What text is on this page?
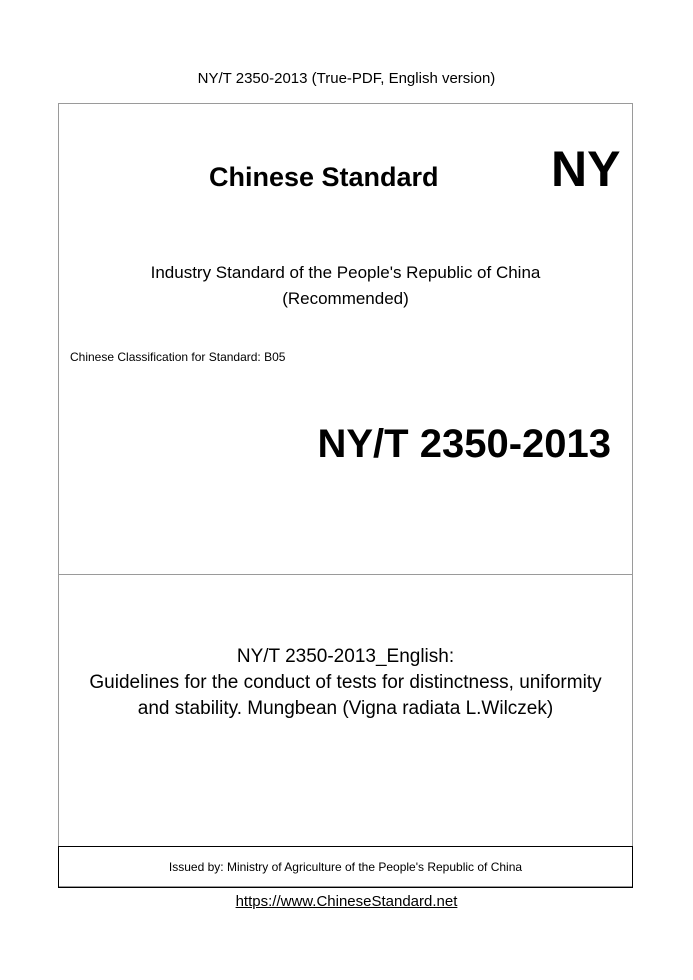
NY/T 2350-2013 (True-PDF, English version)
Chinese Standard NY
Industry Standard of the People's Republic of China
(Recommended)
Chinese Classification for Standard: B05
NY/T 2350-2013
NY/T 2350-2013_English:
Guidelines for the conduct of tests for distinctness, uniformity
and stability. Mungbean (Vigna radiata L.Wilczek)
Issued by: Ministry of Agriculture of the People's Republic of China
https://www.ChineseStandard.net
